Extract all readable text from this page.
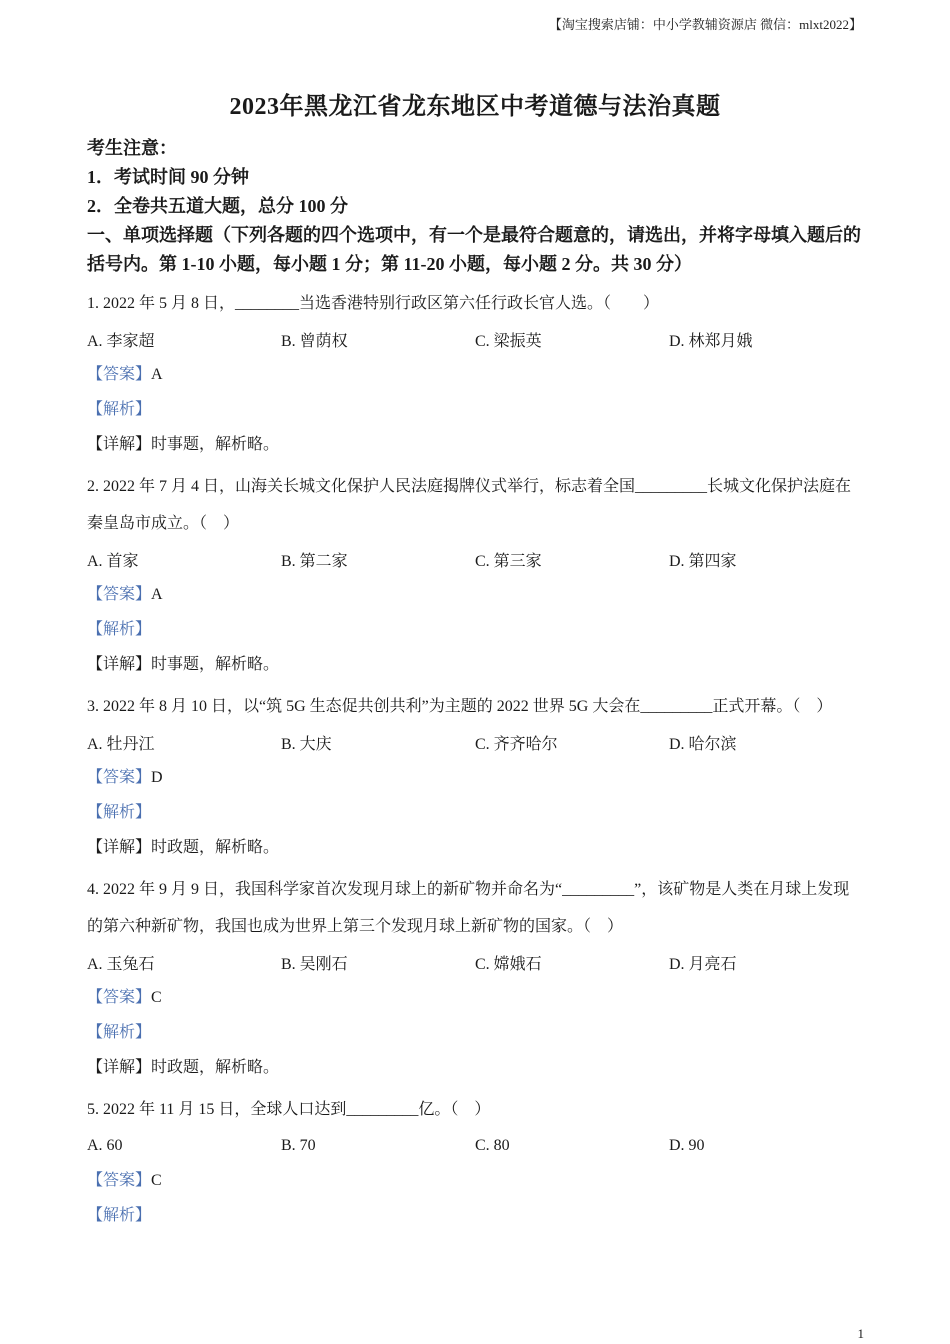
【淘宝搜索店铺：中小学教辅资源店 微信：mlxt2022】
2023年黑龙江省龙东地区中考道德与法治真题
考生注意：
1．考试时间 90 分钟
2．全卷共五道大题，总分 100 分
一、单项选择题（下列各题的四个选项中，有一个是最符合题意的，请选出，并将字母填入题后的括号内。第 1-10 小题，每小题 1 分；第 11-20 小题，每小题 2 分。共 30 分）
1. 2022 年 5 月 8 日，________当选香港特别行政区第六任行政长官人选。（　　）
A. 李家超	B. 曾荫权	C. 梁振英	D. 林郑月娥
【答案】A
【解析】
【详解】时事题，解析略。
2. 2022 年 7 月 4 日，山海关长城文化保护人民法庭揭牌仪式举行，标志着全国_________长城文化保护法庭在秦皇岛市成立。（　）
A. 首家	B. 第二家	C. 第三家	D. 第四家
【答案】A
【解析】
【详解】时事题，解析略。
3. 2022 年 8 月 10 日，以“筑 5G 生态促共创共利”为主题的 2022 世界 5G 大会在_________正式开幕。（　）
A. 牡丹江	B. 大庆	C. 齐齐哈尔	D. 哈尔滨
【答案】D
【解析】
【详解】时政题，解析略。
4. 2022 年 9 月 9 日，我国科学家首次发现月球上的新矿物并命名为“_________”，该矿物是人类在月球上发现的第六种新矿物，我国也成为世界上第三个发现月球上新矿物的国家。（　）
A. 玉兔石	B. 吴刚石	C. 嫦娥石	D. 月亮石
【答案】C
【解析】
【详解】时政题，解析略。
5. 2022 年 11 月 15 日，全球人口达到_________亿。（　）
A. 60	B. 70	C. 80	D. 90
【答案】C
【解析】
1
